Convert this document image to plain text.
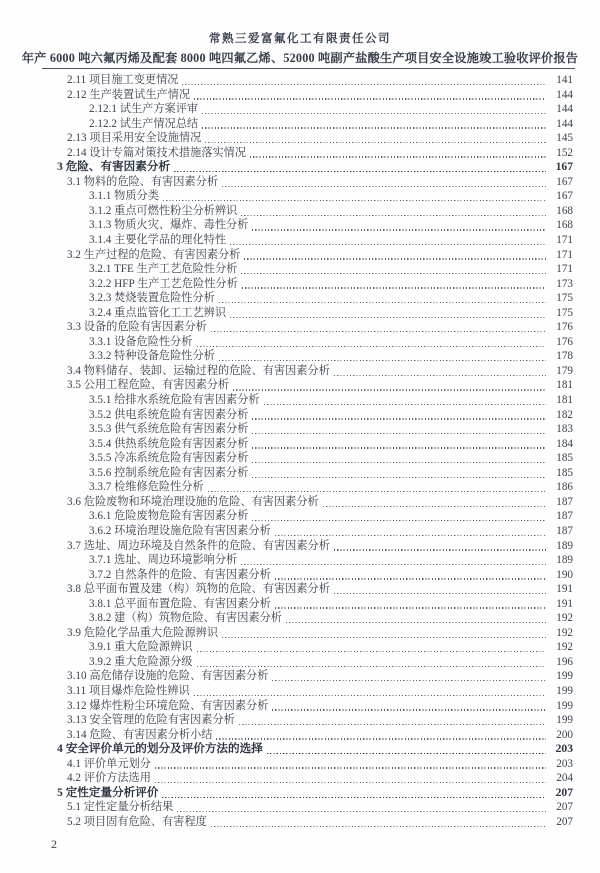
常熟三爱富氟化工有限责任公司
年产 6000 吨六氟丙烯及配套 8000 吨四氟乙烯、52000 吨副产盐酸生产项目安全设施竣工验收评价报告
2.11 项目施工变更情况	141
2.12 生产装置试生产情况	144
2.12.1 试生产方案评审	144
2.12.2 试生产情况总结	144
2.13 项目采用安全设施情况	145
2.14 设计专篇对策技术措施落实情况	152
3 危险、有害因素分析	167
3.1 物料的危险、有害因素分析	167
3.1.1 物质分类	167
3.1.2 重点可燃性粉尘分析辨识	168
3.1.3 物质火灾、爆炸、毒性分析	168
3.1.4 主要化学品的理化特性	171
3.2 生产过程的危险、有害因素分析	171
3.2.1 TFE 生产工艺危险性分析	171
3.2.2 HFP 生产工艺危险性分析	173
3.2.3 焚烧装置危险性分析	175
3.2.4 重点监管化工工艺辨识	175
3.3 设备的危险有害因素分析	176
3.3.1 设备危险性分析	176
3.3.2 特种设备危险性分析	178
3.4 物料储存、装卸、运输过程的危险、有害因素分析	179
3.5 公用工程危险、有害因素分析	181
3.5.1 给排水系统危险有害因素分析	181
3.5.2 供电系统危险有害因素分析	182
3.5.3 供气系统危险有害因素分析	183
3.5.4 供热系统危险有害因素分析	184
3.5.5 冷冻系统危险有害因素分析	185
3.5.6 控制系统危险有害因素分析	185
3.3.7 检维修危险性分析	186
3.6 危险废物和环境治理设施的危险、有害因素分析	187
3.6.1 危险废物危险有害因素分析	187
3.6.2 环境治理设施危险有害因素分析	187
3.7 选址、周边环境及自然条件的危险、有害因素分析	189
3.7.1 选址、周边环境影响分析	189
3.7.2 自然条件的危险、有害因素分析	190
3.8 总平面布置及建（构）筑物的危险、有害因素分析	191
3.8.1 总平面布置危险、有害因素分析	191
3.8.2 建（构）筑物危险、有害因素分析	192
3.9 危险化学品重大危险源辨识	192
3.9.1 重大危险源辨识	192
3.9.2 重大危险源分级	196
3.10 高危储存设施的危险、有害因素分析	199
3.11 项目爆炸危险性辨识	199
3.12 爆炸性粉尘环境危险、有害因素分析	199
3.13 安全管理的危险有害因素分析	199
3.14 危险、有害因素分析小结	200
4 安全评价单元的划分及评价方法的选择	203
4.1 评价单元划分	203
4.2 评价方法选用	204
5 定性定量分析评价	207
5.1 定性定量分析结果	207
5.2 项目固有危险、有害程度	207
2
